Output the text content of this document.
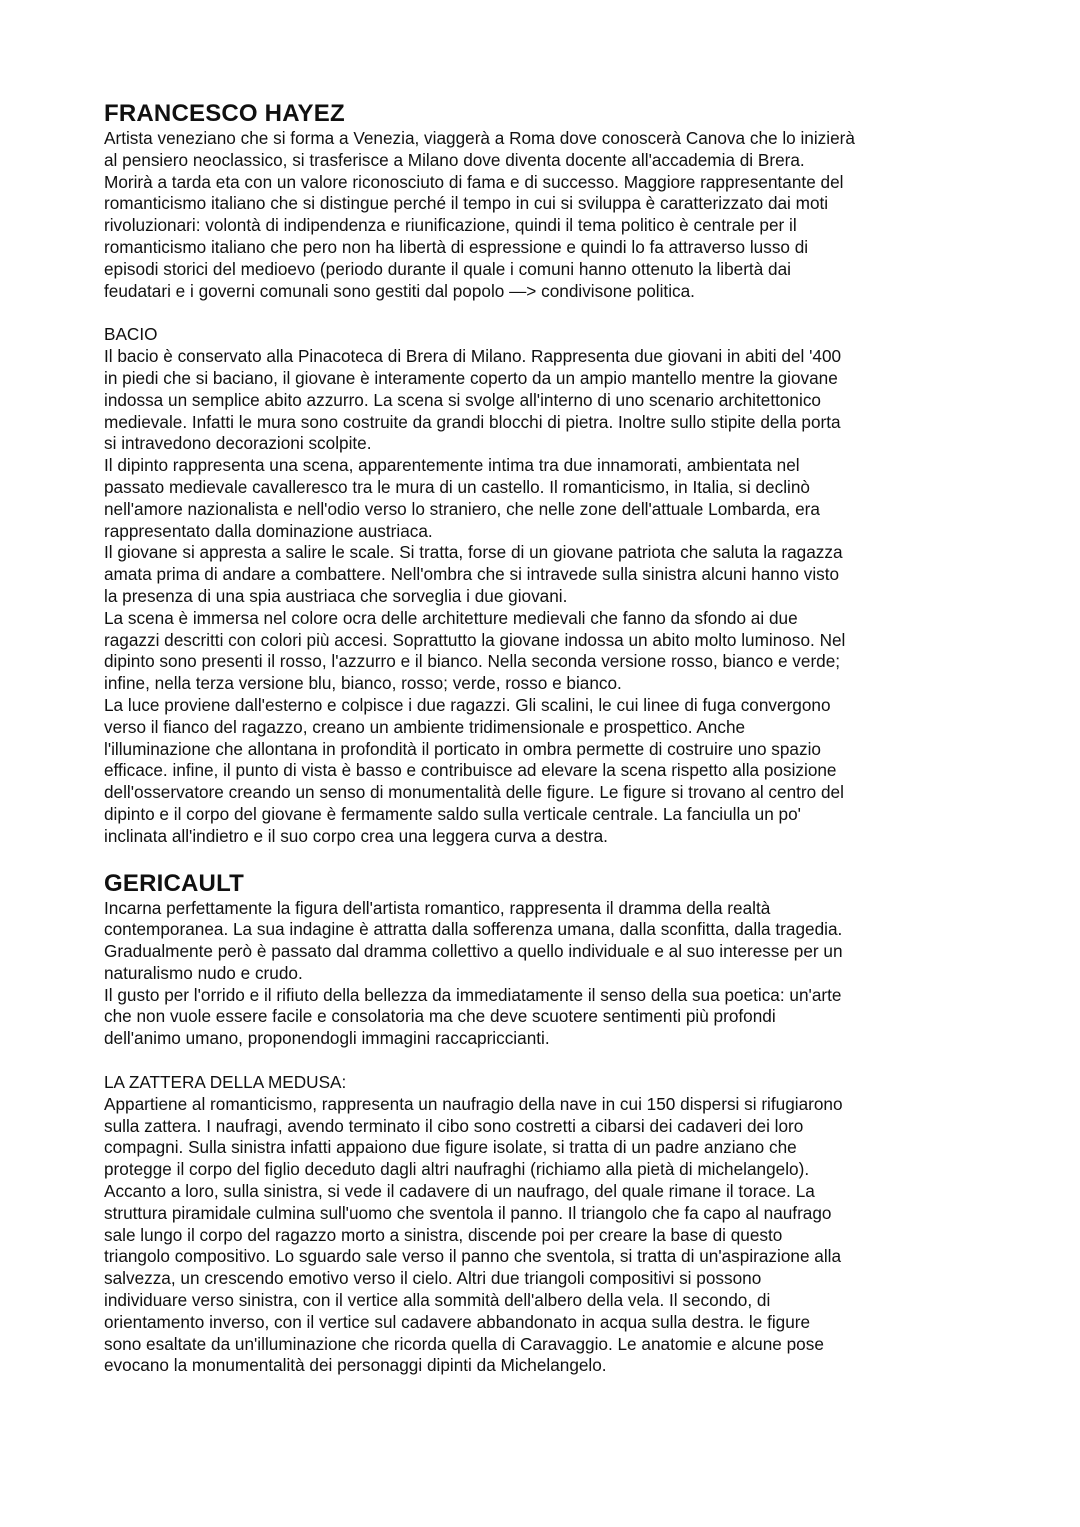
FRANCESCO HAYEZ

Artista veneziano che si forma a Venezia, viaggerà a Roma dove conoscerà Canova che lo inizierà
al pensiero neoclassico, si trasferisce a Milano dove diventa docente all'accademia di Brera.
Morirà a tarda eta con un valore riconosciuto di fama e di successo. Maggiore rappresentante del
romanticismo italiano che si distingue perché il tempo in cui si sviluppa è caratterizzato dai moti
rivoluzionari: volontà di indipendenza e riunificazione, quindi il tema politico è centrale per il
romanticismo italiano che pero non ha libertà di espressione e quindi lo fa attraverso lusso di
episodi storici del medioevo (periodo durante il quale i comuni hanno ottenuto la libertà dai
feudatari e i governi comunali sono gestiti dal popolo —> condivisone politica.

BACIO

Il bacio è conservato alla Pinacoteca di Brera di Milano. Rappresenta due giovani in abiti del '400
in piedi che si baciano, il giovane è interamente coperto da un ampio mantello mentre la giovane
indossa un semplice abito azzurro. La scena si svolge all'interno di uno scenario architettonico
medievale. Infatti le mura sono costruite da grandi blocchi di pietra. Inoltre sullo stipite della porta
si intravedono decorazioni scolpite.
Il dipinto rappresenta una scena, apparentemente intima tra due innamorati, ambientata nel
passato medievale cavalleresco tra le mura di un castello. Il romanticismo, in Italia, si declinò
nell'amore nazionalista e nell'odio verso lo straniero, che nelle zone dell'attuale Lombarda, era
rappresentato dalla dominazione austriaca.
Il giovane si appresta a salire le scale. Si tratta, forse di un giovane patriota che saluta la ragazza
amata prima di andare a combattere. Nell'ombra che si intravede sulla sinistra alcuni hanno visto
la presenza di una spia austriaca che sorveglia i due giovani.
La scena è immersa nel colore ocra delle architetture medievali che fanno da sfondo ai due
ragazzi descritti con colori più accesi. Soprattutto la giovane indossa un abito molto luminoso. Nel
dipinto sono presenti il rosso, l'azzurro e il bianco. Nella seconda versione rosso, bianco e verde;
infine, nella terza versione blu, bianco, rosso; verde, rosso e bianco.
La luce proviene dall'esterno e colpisce i due ragazzi. Gli scalini, le cui linee di fuga convergono
verso il fianco del ragazzo, creano un ambiente tridimensionale e prospettico. Anche
l'illuminazione che allontana in profondità il porticato in ombra permette di costruire uno spazio
efficace. infine, il punto di vista è basso e contribuisce ad elevare la scena rispetto alla posizione
dell'osservatore creando un senso di monumentalità delle figure. Le figure si trovano al centro del
dipinto e il corpo del giovane è fermamente saldo sulla verticale centrale. La fanciulla un po'
inclinata all'indietro e il suo corpo crea una leggera curva a destra.

GERICAULT

Incarna perfettamente la figura dell'artista romantico, rappresenta il dramma della realtà
contemporanea. La sua indagine è attratta dalla sofferenza umana, dalla sconfitta, dalla tragedia.
Gradualmente però è passato dal dramma collettivo a quello individuale e al suo interesse per un
naturalismo nudo e crudo.
Il gusto per l'orrido e il rifiuto della bellezza da immediatamente il senso della sua poetica: un'arte
che non vuole essere facile e consolatoria ma che deve scuotere sentimenti più profondi
dell'animo umano, proponendogli immagini raccapriccianti.

LA ZATTERA DELLA MEDUSA:

Appartiene al romanticismo, rappresenta un naufragio della nave in cui 150 dispersi si rifugiarono
sulla zattera. I naufragi, avendo terminato il cibo sono costretti a cibarsi dei cadaveri dei loro
compagni. Sulla sinistra infatti appaiono due figure isolate, si tratta di un padre anziano che
protegge il corpo del figlio deceduto dagli altri naufraghi (richiamo alla pietà di michelangelo).
Accanto a loro, sulla sinistra, si vede il cadavere di un naufrago, del quale rimane il torace. La
struttura piramidale culmina sull'uomo che sventola il panno. Il triangolo che fa capo al naufrago
sale lungo il corpo del ragazzo morto a sinistra, discende poi per creare la base di questo
triangolo compositivo. Lo sguardo sale verso il panno che sventola, si tratta di un'aspirazione alla
salvezza, un crescendo emotivo verso il cielo. Altri due triangoli compositivi si possono
individuare verso sinistra, con il vertice alla sommità dell'albero della vela. Il secondo, di
orientamento inverso, con il vertice sul cadavere abbandonato in acqua sulla destra. le figure
sono esaltate da un'illuminazione che ricorda quella di Caravaggio. Le anatomie e alcune pose
evocano la monumentalità dei personaggi dipinti da Michelangelo.
